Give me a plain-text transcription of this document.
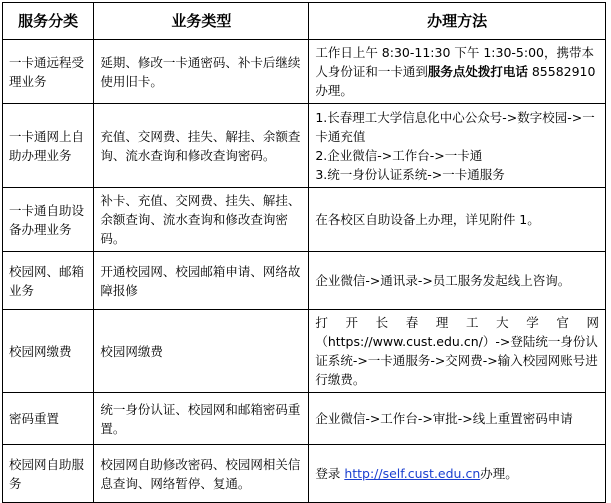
服务分类	业务类型	办理方法
一卡通远程受理业务	延期、修改一卡通密码、补卡后继续使用旧卡。	工作日上午 8:30-11:30 下午 1:30-5:00，携带本人身份证和一卡通到服务点处拨打电话 85582910 办理。
一卡通网上自助办理业务	充值、交网费、挂失、解挂、余额查询、流水查询和修改查询密码。	1.长春理工大学信息化中心公众号->数字校园->一卡通充值
2.企业微信->工作台->一卡通
3.统一身份认证系统->一卡通服务

一卡通自助设备办理业务	补卡、充值、交网费、挂失、解挂、余额查询、流水查询和修改查询密码。	在各校区自助设备上办理，详见附件 1。
校园网、邮箱业务	开通校园网、校园邮箱申请、网络故障报修	企业微信->通讯录->员工服务发起线上咨询。
校园网缴费	校园网缴费	打 开 长 春 理 工 大 学 官 网
（https://www.cust.edu.cn/）->登陆统一身份认证系统->一卡通服务->交网费->输入校园网账号进行缴费。

密码重置	统一身份认证、校园网和邮箱密码重置。	企业微信->工作台->审批->线上重置密码申请
校园网自助服务	校园网自助修改密码、校园网相关信息查询、网络暂停、复通。	登录 http://self.cust.edu.cn办理。
